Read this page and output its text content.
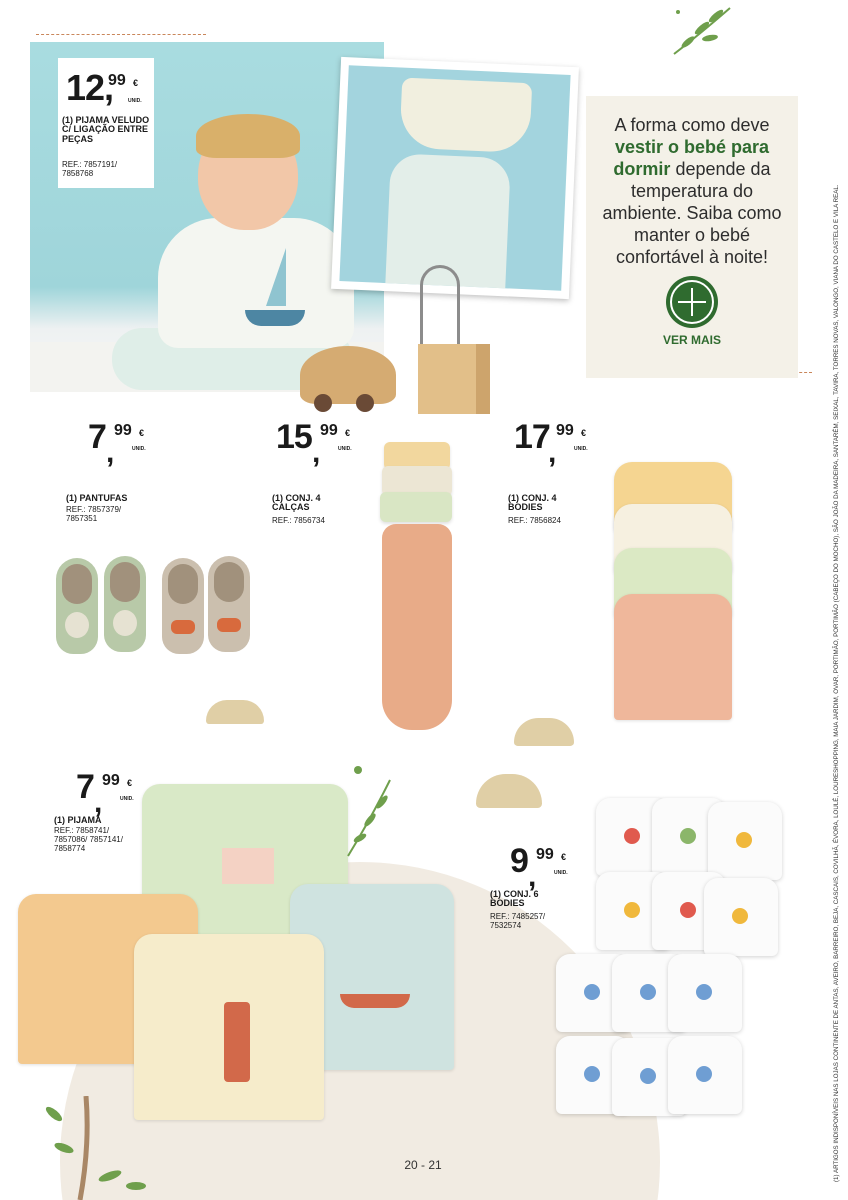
12,
99 €
UNID.
(1) PIJAMA VELUDO C/ LIGAÇÃO ENTRE PEÇAS
REF.: 7857191/ 7858768
A forma como deve vestir o bebé para dormir depende da temperatura do ambiente. Saiba como manter o bebé confortável à noite!
VER MAIS	(1) ARTIGOS INDISPONÍVEIS NAS LOJAS CONTINENTE DE ANTAS, AVEIRO, BARREIRO, BEJA, CASCAIS, COVILHÃ, ÉVORA, LOULÉ, LOURESHOPPING, MAIA JARDIM, OVAR, PORTIMÃO, PORTIMÃO (CABEÇO DO MOCHO), SÃO JOÃO DA MADEIRA, SANTARÉM, SEIXAL, TAVIRA, TORRES NOVAS, VALONGO, VIANA DO CASTELO E VILA REAL.
7 ,
99 €
UNID.
(1) PANTUFAS
REF.: 7857379/ 7857351
15 ,
99 €
UNID.
(1) CONJ. 4 CALÇAS
REF.: 7856734
17
,
99 €
UNID.
(1) CONJ. 4 BODIES
REF.: 7856824
7 ,
99 €
UNID.
(1) PIJAMA
REF.: 7858741/ 7857086/ 7857141/ 7858774	9 ,
99 €
UNID.
(1) CONJ. 6 BODIES
REF.: 7485257/ 7532574
20 - 21
